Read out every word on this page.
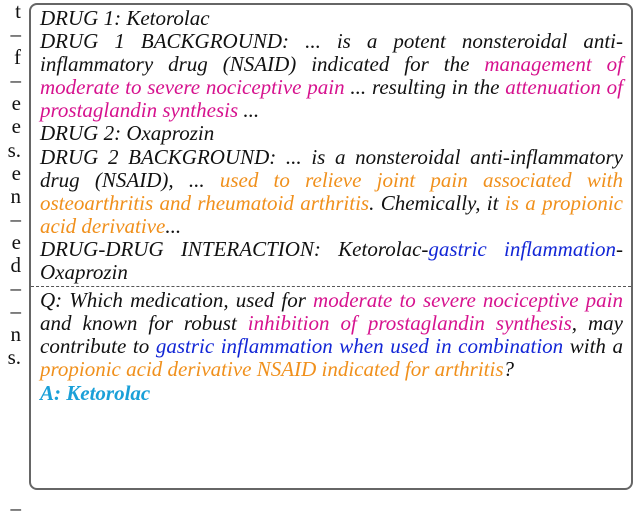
t
–
f
–
e
e
s.
e
n
–
e
d
–
–
n
s.
DRUG 1: Ketorolac
DRUG 1 BACKGROUND: ... is a potent nonsteroidal anti-inflammatory drug (NSAID) indicated for the management of moderate to severe nociceptive pain ... resulting in the attenuation of prostaglandin synthesis ...
DRUG 2: Oxaprozin
DRUG 2 BACKGROUND: ... is a nonsteroidal anti-inflammatory drug (NSAID), ... used to relieve joint pain associated with osteoarthritis and rheumatoid arthritis. Chemically, it is a propionic acid derivative...
DRUG-DRUG INTERACTION: Ketorolac-gastric inflammation-Oxaprozin
Q: Which medication, used for moderate to severe nociceptive pain and known for robust inhibition of prostaglandin synthesis, may contribute to gastric inflammation when used in combination with a propionic acid derivative NSAID indicated for arthritis?
A: Ketorolac
–
